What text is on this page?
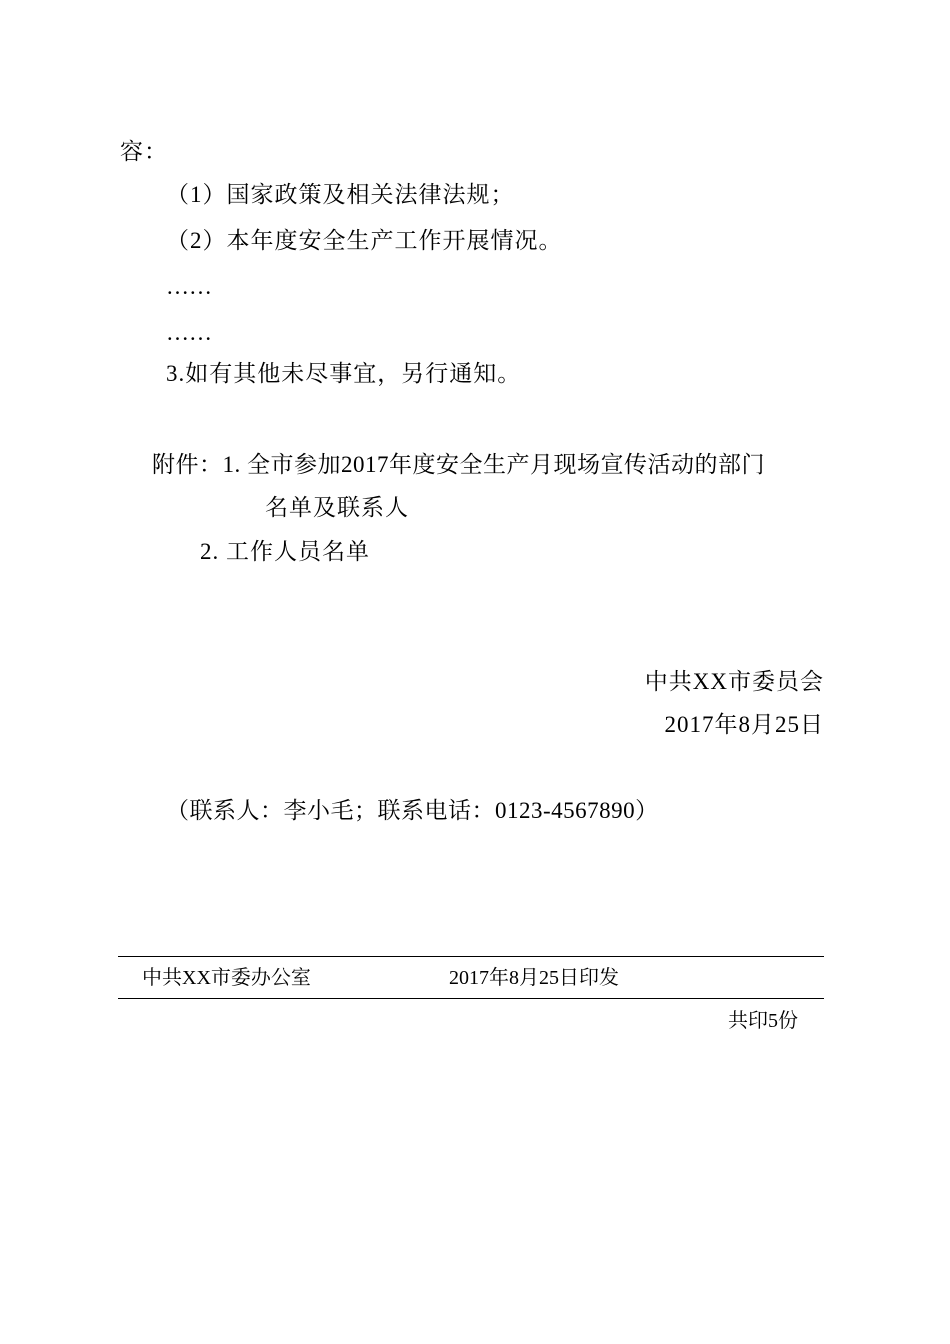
容：
（1）国家政策及相关法律法规；
（2）本年度安全生产工作开展情况。
……
……
3.如有其他未尽事宜，另行通知。
附件：1. 全市参加2017年度安全生产月现场宣传活动的部门
名单及联系人
2. 工作人员名单
中共XX市委员会
2017年8月25日
（联系人：李小毛；联系电话：0123-4567890）
中共XX市委办公室	2017年8月25日印发
共印5份
